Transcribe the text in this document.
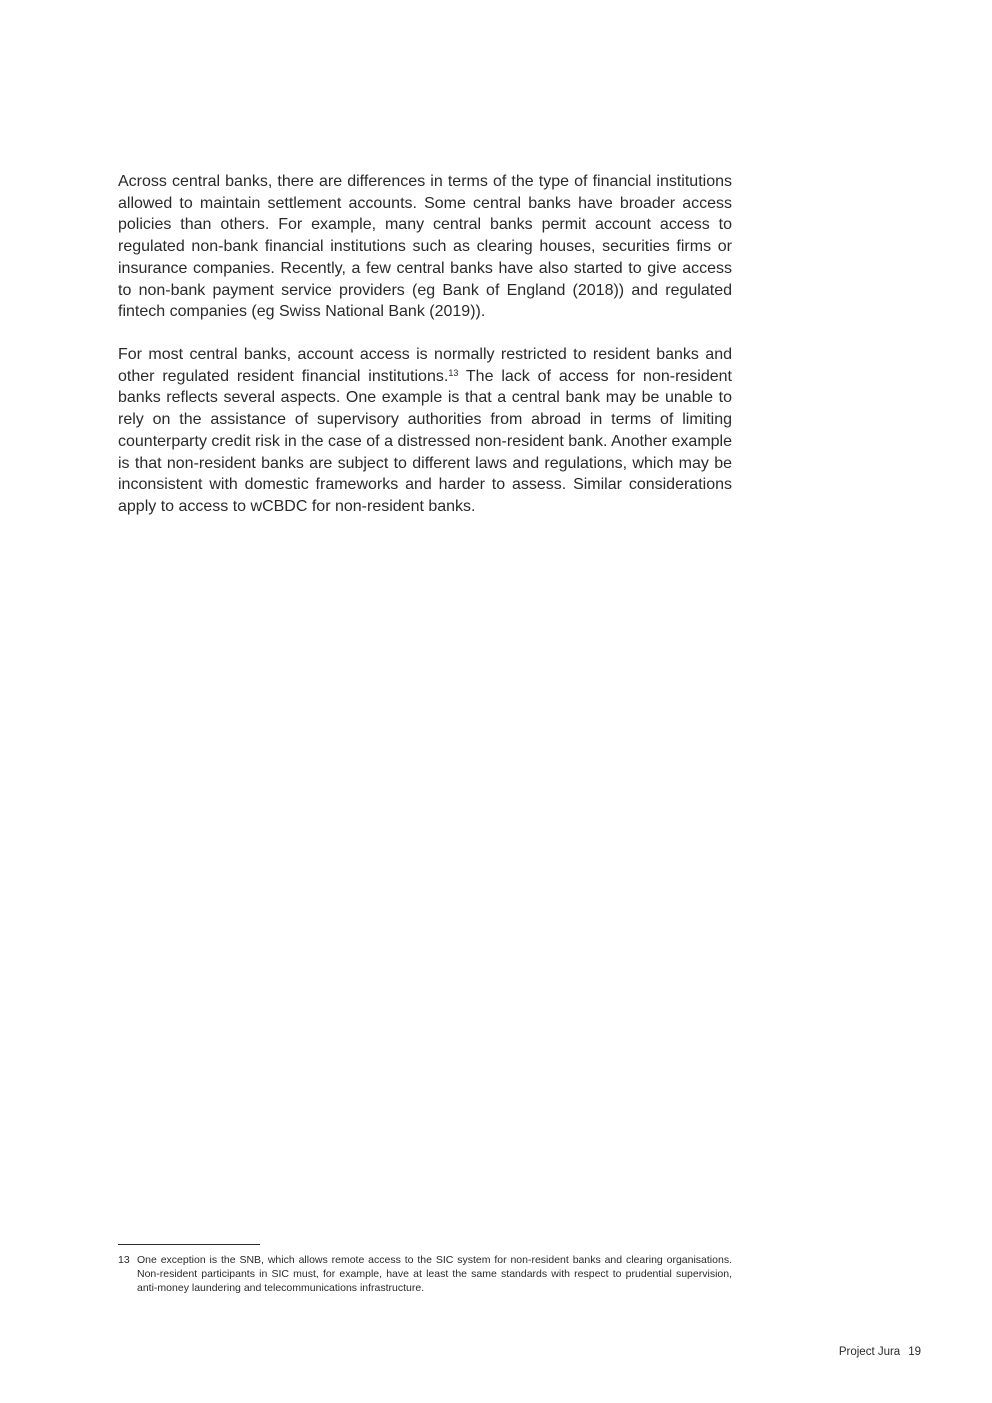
Across central banks, there are differences in terms of the type of financial institutions allowed to maintain settlement accounts. Some central banks have broader access policies than others. For example, many central banks permit account access to regulated non-bank financial institutions such as clearing houses, securities firms or insurance companies. Recently, a few central banks have also started to give access to non-bank payment service providers (eg Bank of England (2018)) and regulated fintech companies (eg Swiss National Bank (2019)).

For most central banks, account access is normally restricted to resident banks and other regulated resident financial institutions.$^{13}$ The lack of access for non-resident banks reflects several aspects. One example is that a central bank may be unable to rely on the assistance of supervisory authorities from abroad in terms of limiting counterparty credit risk in the case of a distressed non-resident bank. Another example is that non-resident banks are subject to different laws and regulations, which may be inconsistent with domestic frameworks and harder to assess. Similar considerations apply to access to wCBDC for non-resident banks.

13 One exception is the SNB, which allows remote access to the SIC system for non-resident banks and clearing organisations. Non-resident participants in SIC must, for example, have at least the same standards with respect to prudential supervision, anti-money laundering and telecommunications infrastructure.
Project Jura 19
